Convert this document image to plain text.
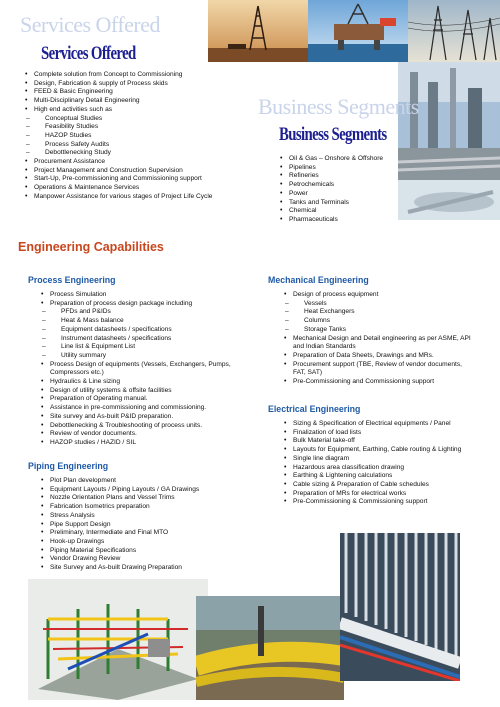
Services Offered
Services Offered
• Complete solution from Concept to Commissioning
• Design, Fabrication & supply of Process skids
• FEED & Basic Engineering
• Multi-Disciplinary Detail Engineering
• High end activities such as
– Conceptual Studies
– Feasibility Studies
– HAZOP Studies
– Process Safety Audits
– Debottlenecking Study
• Procurement Assistance
• Project Management and Construction Supervision
• Start-Up, Pre-commissioning and Commissioning support
• Operations & Maintenance Services
• Manpower Assistance for various stages of Project Life Cycle
Business Segments
Business Segments
• Oil & Gas – Onshore & Offshore
• Pipelines
• Refineries
• Petrochemicals
• Power
• Tanks and Terminals
• Chemical
• Pharmaceuticals
Engineering Capabilities
Process Engineering
• Process Simulation
• Preparation of process design package including
– PFDs and P&IDs
– Heat & Mass balance
– Equipment datasheets / specifications
– Instrument datasheets / specifications
– Line list & Equipment List
– Utility summary
• Process Design of equipments (Vessels, Exchangers, Pumps, Compressors etc.)
• Hydraulics & Line sizing
• Design of utility systems & offsite facilities
• Preparation of Operating manual.
• Assistance in pre-commissioning and commissioning.
• Site survey and As-built P&ID preparation.
• Debottlenecking & Troubleshooting of process units.
• Review of vendor documents.
• HAZOP studies / HAZID / SIL
Piping Engineering
• Plot Plan development
• Equipment Layouts / Piping Layouts / GA Drawings
• Nozzle Orientation Plans and Vessel Trims
• Fabrication Isometrics preparation
• Stress Analysis
• Pipe Support Design
• Preliminary, Intermediate and Final MTO
• Hook-up Drawings
• Piping Material Specifications
• Vendor Drawing Review
• Site Survey and As-built Drawing Preparation
Mechanical Engineering
• Design of process equipment
– Vessels
– Heat Exchangers
– Columns
– Storage Tanks
• Mechanical Design and Detail engineering as per ASME, API and Indian Standards
• Preparation of Data Sheets, Drawings and MRs.
• Procurement support (TBE, Review of vendor documents, FAT, SAT)
• Pre-Commissioning and Commissioning support
Electrical Engineering
• Sizing & Specification of Electrical equipments / Panel
• Finalization of load lists
• Bulk Material take-off
• Layouts for Equipment, Earthing, Cable routing & Lighting
• Single line diagram
• Hazardous area classification drawing
• Earthing & Lightening calculations
• Cable sizing & Preparation of Cable schedules
• Preparation of MRs for electrical works
• Pre-Commissioning & Commissioning support
